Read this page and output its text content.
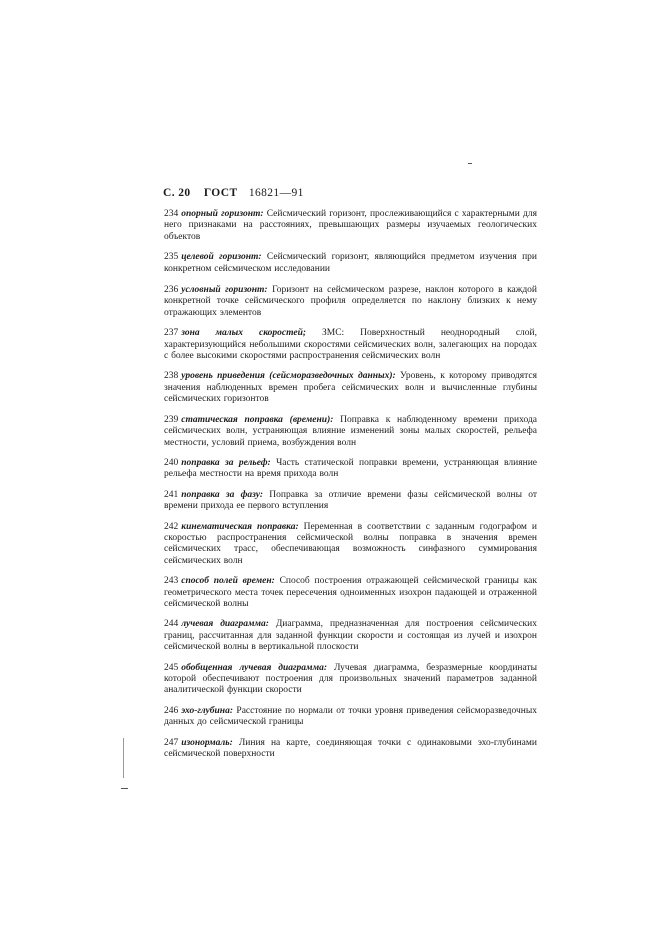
С. 20 ГОСТ 16821—91

234 опорный горизонт: Сейсмический горизонт, прослеживающийся с характерными для него признаками на расстояниях, превышающих размеры изучаемых геологических объектов

235 целевой горизонт: Сейсмический горизонт, являющийся предметом изучения при конкретном сейсмическом исследовании

236 условный горизонт: Горизонт на сейсмическом разрезе, наклон которого в каждой конкретной точке сейсмического профиля определяется по наклону близких к нему отражающих элементов

237 зона малых скоростей; ЗМС: Поверхностный неоднородный слой, характеризующийся небольшими скоростями сейсмических волн, залегающих на породах с более высокими скоростями распространения сейсмических волн

238 уровень приведения (сейсморазведочных данных): Уровень, к которому приводятся значения наблюденных времен пробега сейсмических волн и вычисленные глубины сейсмических горизонтов

239 статическая поправка (времени): Поправка к наблюденному времени прихода сейсмических волн, устраняющая влияние изменений зоны малых скоростей, рельефа местности, условий приема, возбуждения волн

240 поправка за рельеф: Часть статической поправки времени, устраняющая влияние рельефа местности на время прихода волн

241 поправка за фазу: Поправка за отличие времени фазы сейсмической волны от времени прихода ее первого вступления

242 кинематическая поправка: Переменная в соответствии с заданным годографом и скоростью распространения сейсмической волны поправка в значения времен сейсмических трасс, обеспечивающая возможность синфазного суммирования сейсмических волн

243 способ полей времен: Способ построения отражающей сейсмической границы как геометрического места точек пересечения одноименных изохрон падающей и отраженной сейсмической волны

244 лучевая диаграмма: Диаграмма, предназначенная для построения сейсмических границ, рассчитанная для заданной функции скорости и состоящая из лучей и изохрон сейсмической волны в вертикальной плоскости

245 обобщенная лучевая диаграмма: Лучевая диаграмма, безразмерные координаты которой обеспечивают построения для произвольных значений параметров заданной аналитической функции скорости

246 эхо-глубина: Расстояние по нормали от точки уровня приведения сейсморазведочных данных до сейсмической границы

247 изонормаль: Линия на карте, соединяющая точки с одинаковыми эхо-глубинами сейсмической поверхности
